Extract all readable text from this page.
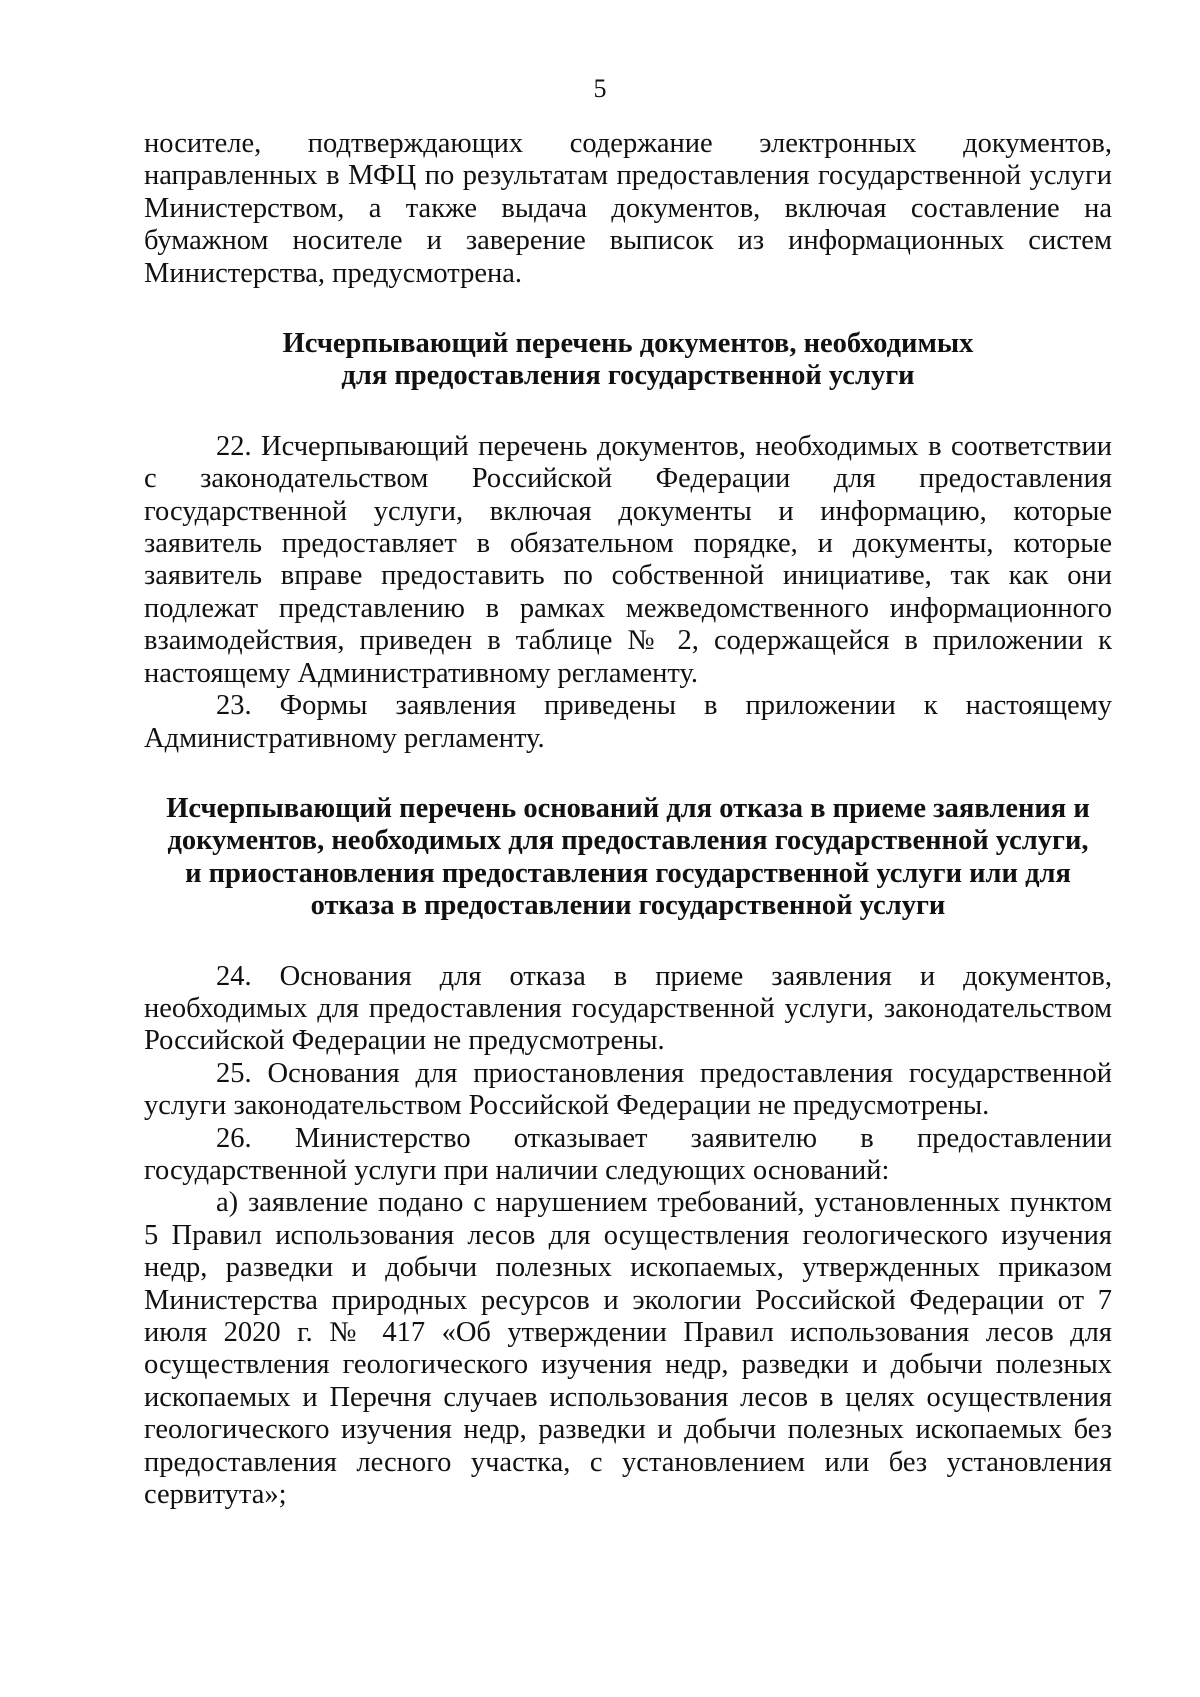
5

носителе, подтверждающих содержание электронных документов, направленных в МФЦ по результатам предоставления государственной услуги Министерством, а также выдача документов, включая составление на бумажном носителе и заверение выписок из информационных систем Министерства, предусмотрена.

Исчерпывающий перечень документов, необходимых
для предоставления государственной услуги

22. Исчерпывающий перечень документов, необходимых в соответствии с законодательством Российской Федерации для предоставления государственной услуги, включая документы и информацию, которые заявитель предоставляет в обязательном порядке, и документы, которые заявитель вправе предоставить по собственной инициативе, так как они подлежат представлению в рамках межведомственного информационного взаимодействия, приведен в таблице № 2, содержащейся в приложении к настоящему Административному регламенту.

23. Формы заявления приведены в приложении к настоящему Административному регламенту.

Исчерпывающий перечень оснований для отказа в приеме заявления и
документов, необходимых для предоставления государственной услуги,
и приостановления предоставления государственной услуги или для
отказа в предоставлении государственной услуги

24. Основания для отказа в приеме заявления и документов, необходимых для предоставления государственной услуги, законодательством Российской Федерации не предусмотрены.

25. Основания для приостановления предоставления государственной услуги законодательством Российской Федерации не предусмотрены.

26. Министерство отказывает заявителю в предоставлении государственной услуги при наличии следующих оснований:

а) заявление подано с нарушением требований, установленных пунктом 5 Правил использования лесов для осуществления геологического изучения недр, разведки и добычи полезных ископаемых, утвержденных приказом Министерства природных ресурсов и экологии Российской Федерации от 7 июля 2020 г. № 417 «Об утверждении Правил использования лесов для осуществления геологического изучения недр, разведки и добычи полезных ископаемых и Перечня случаев использования лесов в целях осуществления геологического изучения недр, разведки и добычи полезных ископаемых без предоставления лесного участка, с установлением или без установления сервитута»;
